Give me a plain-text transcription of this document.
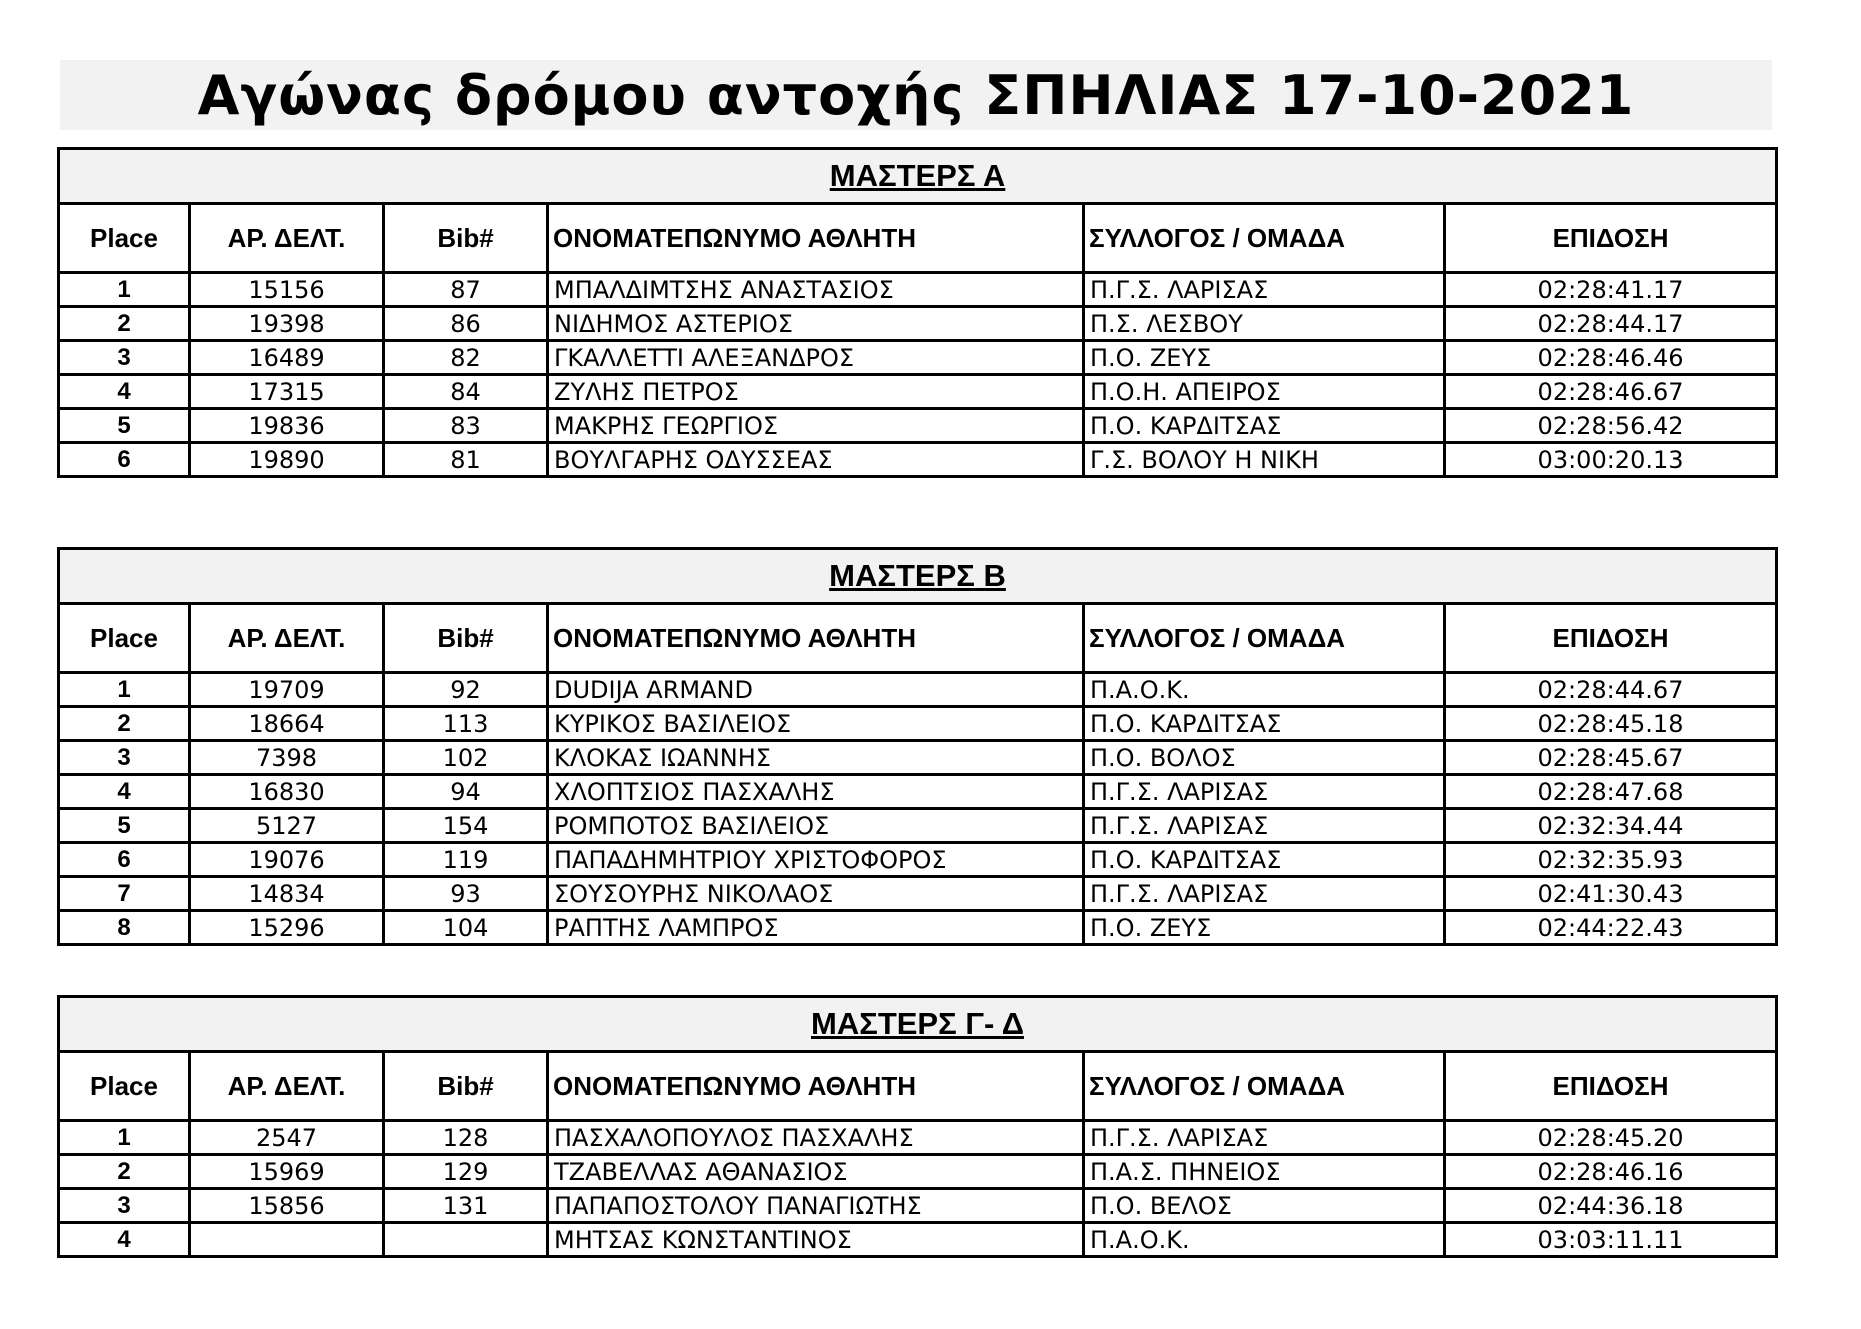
Αγώνας δρόμου αντοχής ΣΠΗΛΙΑΣ 17-10-2021
ΜΑΣΤΕΡΣ Α					
Place	ΑΡ. ΔΕΛΤ.	Bib#	ΟΝΟΜΑΤΕΠΩΝΥΜΟ ΑΘΛΗΤΗ	ΣΥΛΛΟΓΟΣ / ΟΜΑΔΑ	ΕΠΙΔΟΣΗ
1	15156	87	ΜΠΑΛΔΙΜΤΣΗΣ ΑΝΑΣΤΑΣΙΟΣ	Π.Γ.Σ. ΛΑΡΙΣΑΣ	02:28:41.17
2	19398	86	ΝΙΔΗΜΟΣ ΑΣΤΕΡΙΟΣ	Π.Σ. ΛΕΣΒΟΥ	02:28:44.17
3	16489	82	ΓΚΑΛΛΕΤΤΙ ΑΛΕΞΑΝΔΡΟΣ	Π.Ο. ΖΕΥΣ	02:28:46.46
4	17315	84	ΖΥΛΗΣ ΠΕΤΡΟΣ	Π.Ο.Η. ΑΠΕΙΡΟΣ	02:28:46.67
5	19836	83	ΜΑΚΡΗΣ ΓΕΩΡΓΙΟΣ	Π.Ο. ΚΑΡΔΙΤΣΑΣ	02:28:56.42
6	19890	81	ΒΟΥΛΓΑΡΗΣ ΟΔΥΣΣΕΑΣ	Γ.Σ. ΒΟΛΟΥ Η ΝΙΚΗ	03:00:20.13
ΜΑΣΤΕΡΣ Β					
Place	ΑΡ. ΔΕΛΤ.	Bib#	ΟΝΟΜΑΤΕΠΩΝΥΜΟ ΑΘΛΗΤΗ	ΣΥΛΛΟΓΟΣ / ΟΜΑΔΑ	ΕΠΙΔΟΣΗ
1	19709	92	DUDIJA ARMAND	Π.Α.Ο.Κ.	02:28:44.67
2	18664	113	ΚΥΡΙΚΟΣ ΒΑΣΙΛΕΙΟΣ	Π.Ο. ΚΑΡΔΙΤΣΑΣ	02:28:45.18
3	7398	102	ΚΛΟΚΑΣ ΙΩΑΝΝΗΣ	Π.Ο. ΒΟΛΟΣ	02:28:45.67
4	16830	94	ΧΛΟΠΤΣΙΟΣ ΠΑΣΧΑΛΗΣ	Π.Γ.Σ. ΛΑΡΙΣΑΣ	02:28:47.68
5	5127	154	ΡΟΜΠΟΤΟΣ ΒΑΣΙΛΕΙΟΣ	Π.Γ.Σ. ΛΑΡΙΣΑΣ	02:32:34.44
6	19076	119	ΠΑΠΑΔΗΜΗΤΡΙΟΥ ΧΡΙΣΤΟΦΟΡΟΣ	Π.Ο. ΚΑΡΔΙΤΣΑΣ	02:32:35.93
7	14834	93	ΣΟΥΣΟΥΡΗΣ ΝΙΚΟΛΑΟΣ	Π.Γ.Σ. ΛΑΡΙΣΑΣ	02:41:30.43
8	15296	104	ΡΑΠΤΗΣ ΛΑΜΠΡΟΣ	Π.Ο. ΖΕΥΣ	02:44:22.43
ΜΑΣΤΕΡΣ Γ- Δ					
Place	ΑΡ. ΔΕΛΤ.	Bib#	ΟΝΟΜΑΤΕΠΩΝΥΜΟ ΑΘΛΗΤΗ	ΣΥΛΛΟΓΟΣ / ΟΜΑΔΑ	ΕΠΙΔΟΣΗ
1	2547	128	ΠΑΣΧΑΛΟΠΟΥΛΟΣ ΠΑΣΧΑΛΗΣ	Π.Γ.Σ. ΛΑΡΙΣΑΣ	02:28:45.20
2	15969	129	ΤΖΑΒΕΛΛΑΣ ΑΘΑΝΑΣΙΟΣ	Π.Α.Σ. ΠΗΝΕΙΟΣ	02:28:46.16
3	15856	131	ΠΑΠΑΠΟΣΤΟΛΟΥ ΠΑΝΑΓΙΩΤΗΣ	Π.Ο. ΒΕΛΟΣ	02:44:36.18
4			ΜΗΤΣΑΣ ΚΩΝΣΤΑΝΤΙΝΟΣ	Π.Α.Ο.Κ.	03:03:11.11
